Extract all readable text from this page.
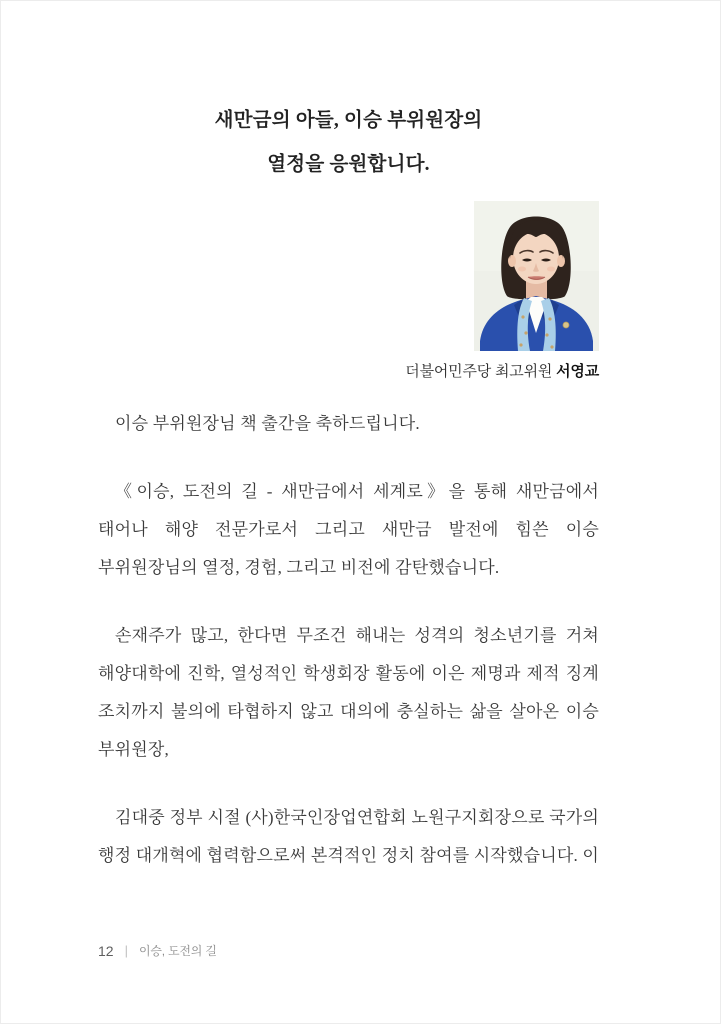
새만금의 아들, 이승 부위원장의
열정을 응원합니다.
더불어민주당 최고위원 서영교

이승 부위원장님 책 출간을 축하드립니다.

《이승, 도전의 길 - 새만금에서 세계로》을 통해 새만금에서 태어나 해양 전문가로서 그리고 새만금 발전에 힘쓴 이승 부위원장님의 열정, 경험, 그리고 비전에 감탄했습니다.

손재주가 많고, 한다면 무조건 해내는 성격의 청소년기를 거쳐 해양대학에 진학, 열성적인 학생회장 활동에 이은 제명과 제적 징계 조치까지 불의에 타협하지 않고 대의에 충실하는 삶을 살아온 이승 부위원장,

김대중 정부 시절 (사)한국인장업연합회 노원구지회장으로 국가의 행정 대개혁에 협력함으로써 본격적인 정치 참여를 시작했습니다. 이

12 | 이승, 도전의 길
